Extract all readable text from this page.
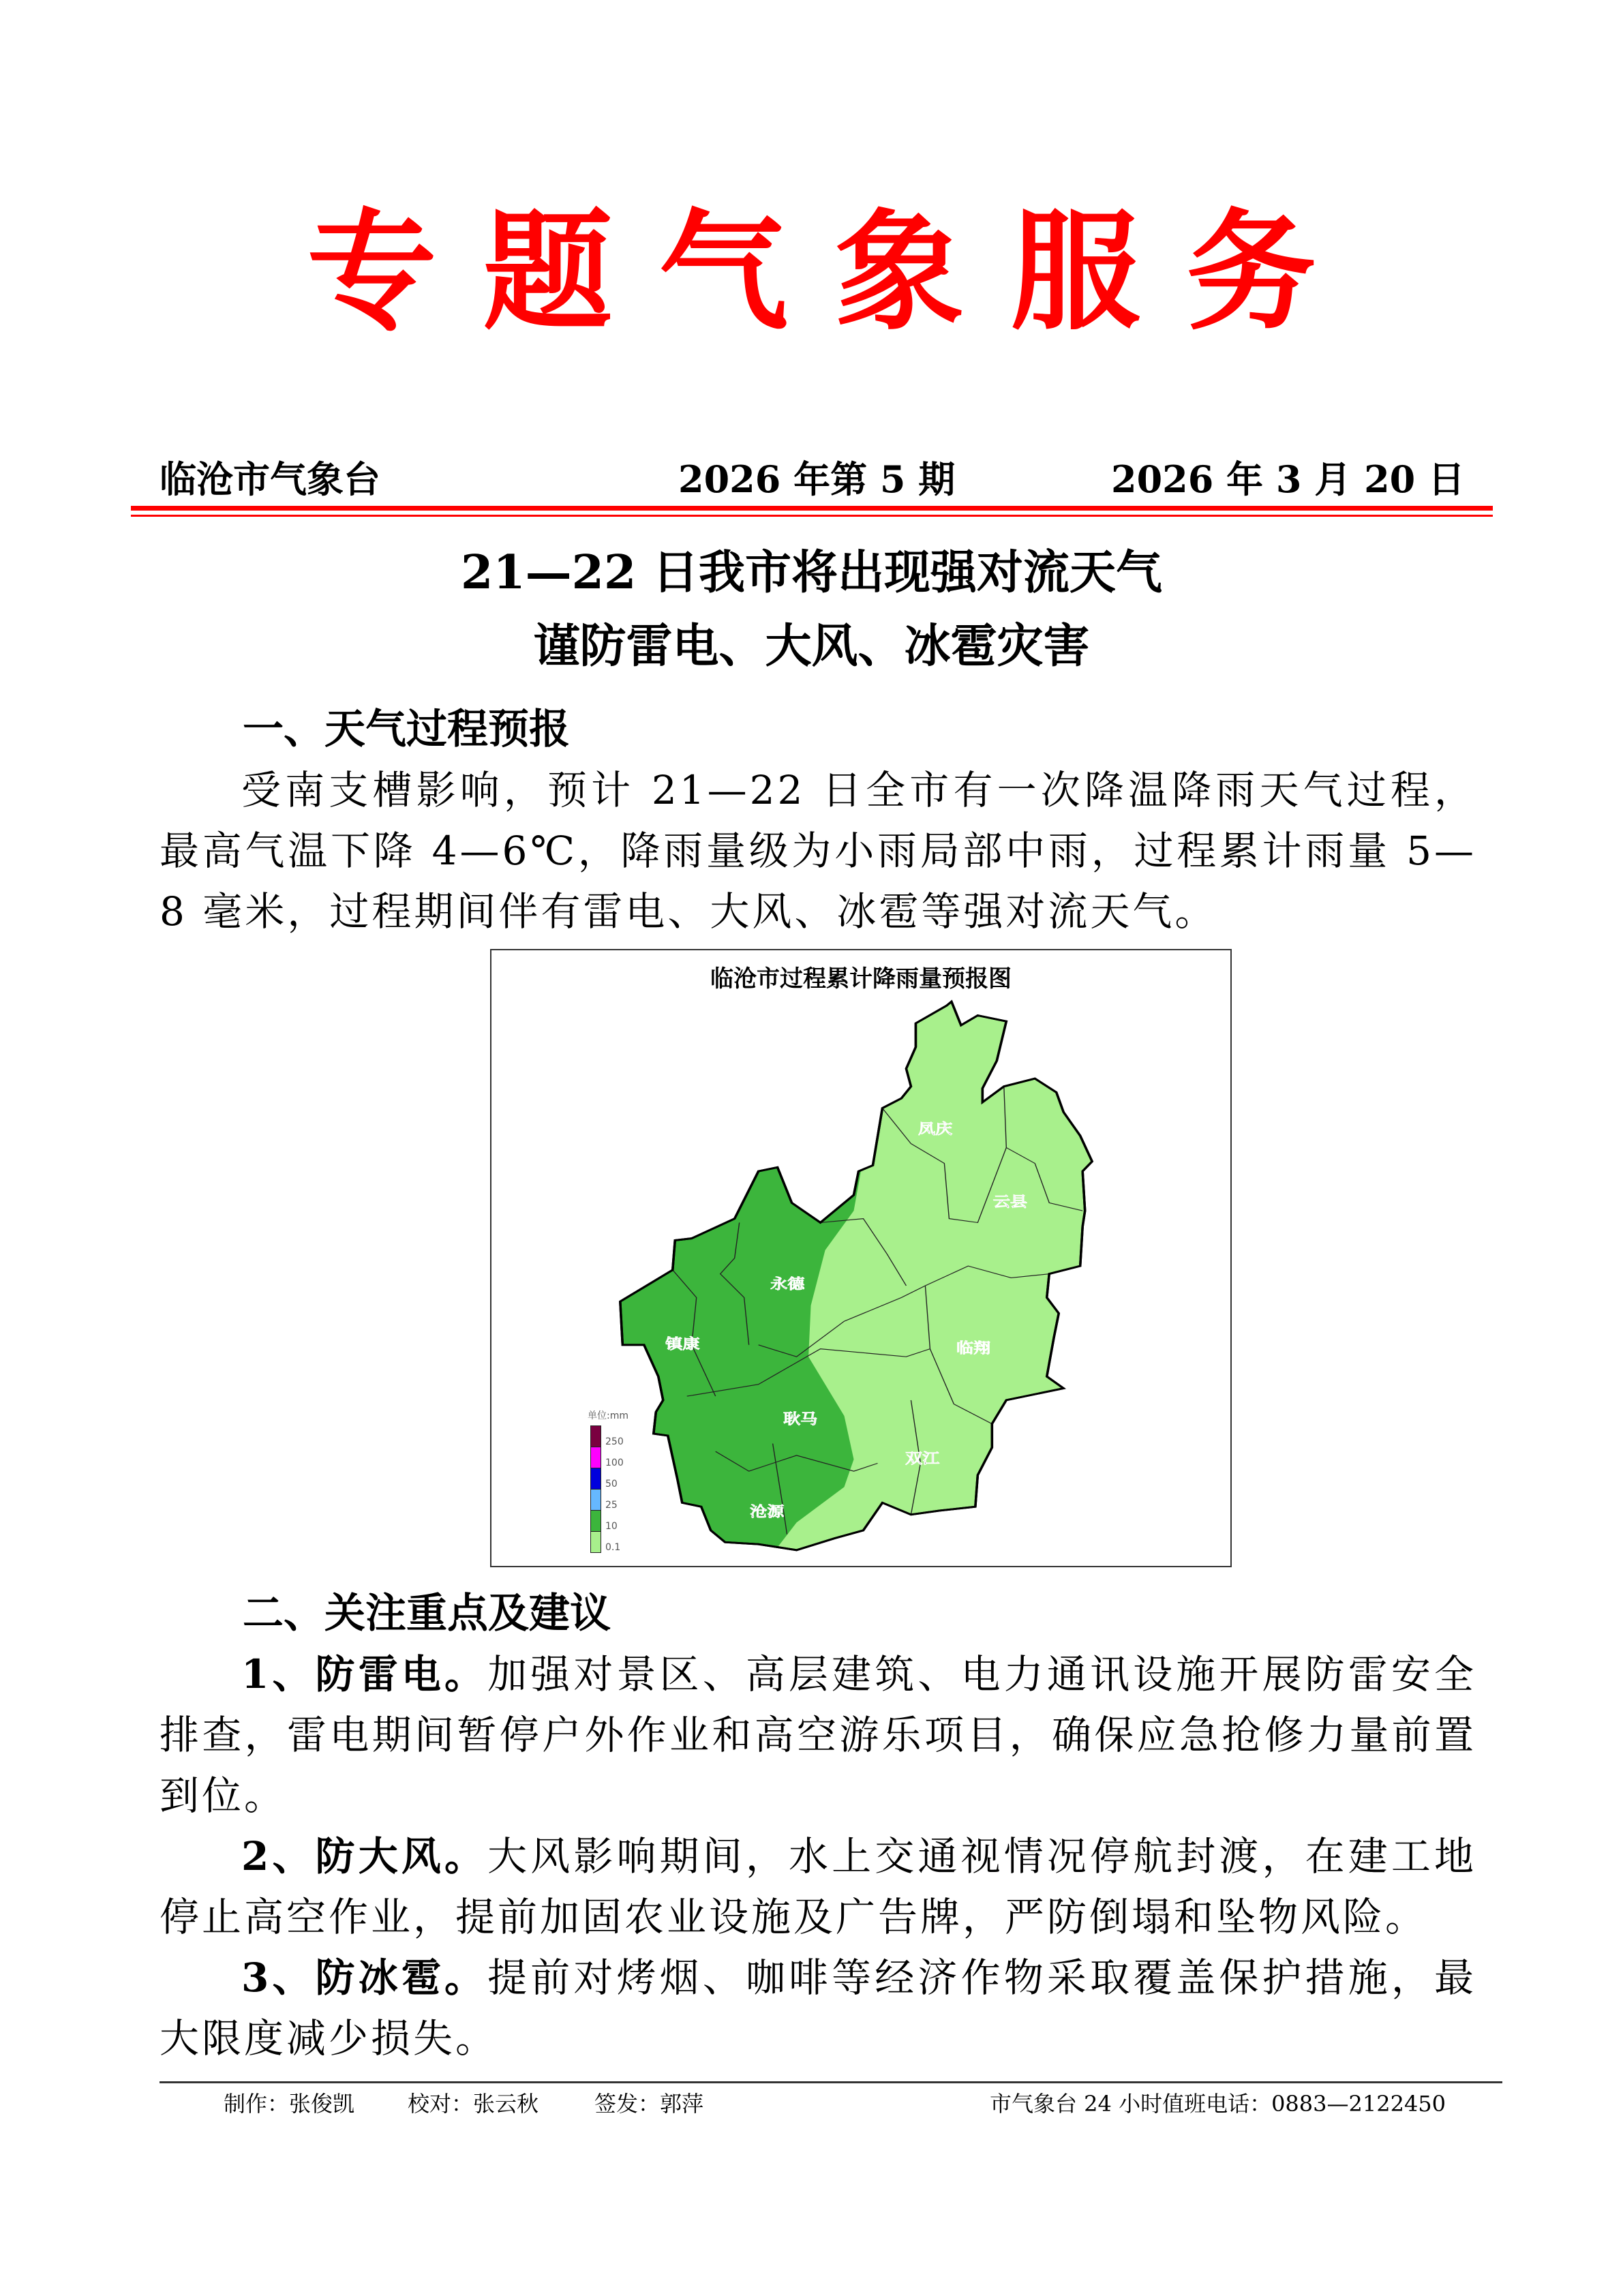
专题气象服务
临沧市气象台	2026 年第 5 期	2026 年 3 月 20 日
21—22 日我市将出现强对流天气
谨防雷电、大风、冰雹灾害
一、天气过程预报
受南支槽影响，预计 21—22 日全市有一次降温降雨天气过程，最高气温下降 4—6℃，降雨量级为小雨局部中雨，过程累计雨量 5—8 毫米，过程期间伴有雷电、大风、冰雹等强对流天气。
临沧市过程累计降雨量预报图
凤庆
云县
永德
镇康	临翔
耿马
双江
沧源
单位:mm
250
100
50
25
10
0.1
二、关注重点及建议
1、防雷电。加强对景区、高层建筑、电力通讯设施开展防雷安全排查，雷电期间暂停户外作业和高空游乐项目，确保应急抢修力量前置到位。
2、防大风。大风影响期间，水上交通视情况停航封渡，在建工地停止高空作业，提前加固农业设施及广告牌，严防倒塌和坠物风险。
3、防冰雹。提前对烤烟、咖啡等经济作物采取覆盖保护措施，最大限度减少损失。
制作：张俊凯 校对：张云秋	签发：郭萍	市气象台 24 小时值班电话：0883—2122450
